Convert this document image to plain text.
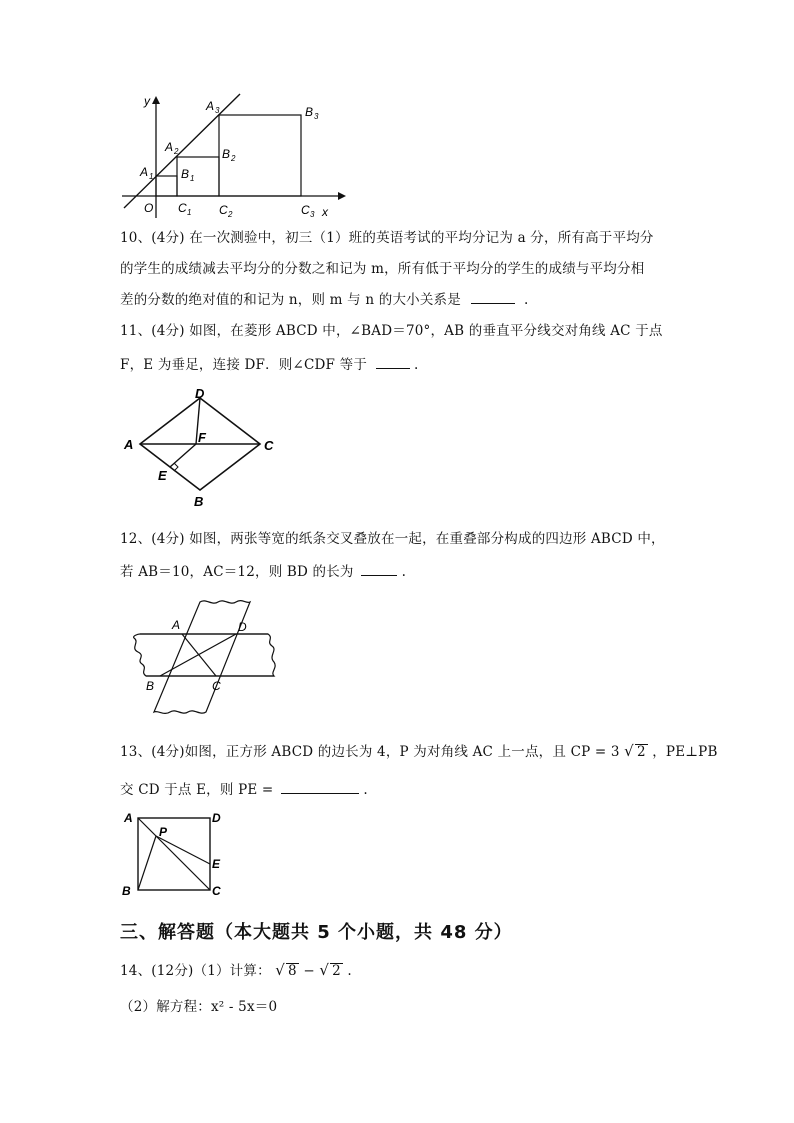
y
x
O
A 1
A 2
A 3
B 1
B 2
B 3
C 1 C 2	C 3
10、(4分) 在一次测验中，初三（1）班的英语考试的平均分记为 a 分，所有高于平均分
的学生的成绩减去平均分的分数之和记为 m，所有低于平均分的学生的成绩与平均分相
差的分数的绝对值的和记为 n，则 m 与 n 的大小关系是	.
11、(4分) 如图，在菱形 ABCD 中，∠BAD＝70°，AB 的垂直平分线交对角线 AC 于点
F，E 为垂足，连接 DF．则∠CDF 等于	.
A
D
C
B
F
E
12、(4分) 如图，两张等宽的纸条交叉叠放在一起，在重叠部分构成的四边形 ABCD 中，
若 AB＝10，AC＝12，则 BD 的长为	.
A	D
B	C
13、(4分)如图，正方形 ABCD 的边长为 4，P 为对角线 AC 上一点，且 CP = 3 √ 2 ，PE⊥PB
交 CD 于点 E，则 PE =	.
A	D
B	C
E
P
三、解答题（本大题共 5 个小题，共 48 分）
14、(12分)（1）计算： √ 8 − √ 2 .
（2）解方程：x² - 5x＝0
